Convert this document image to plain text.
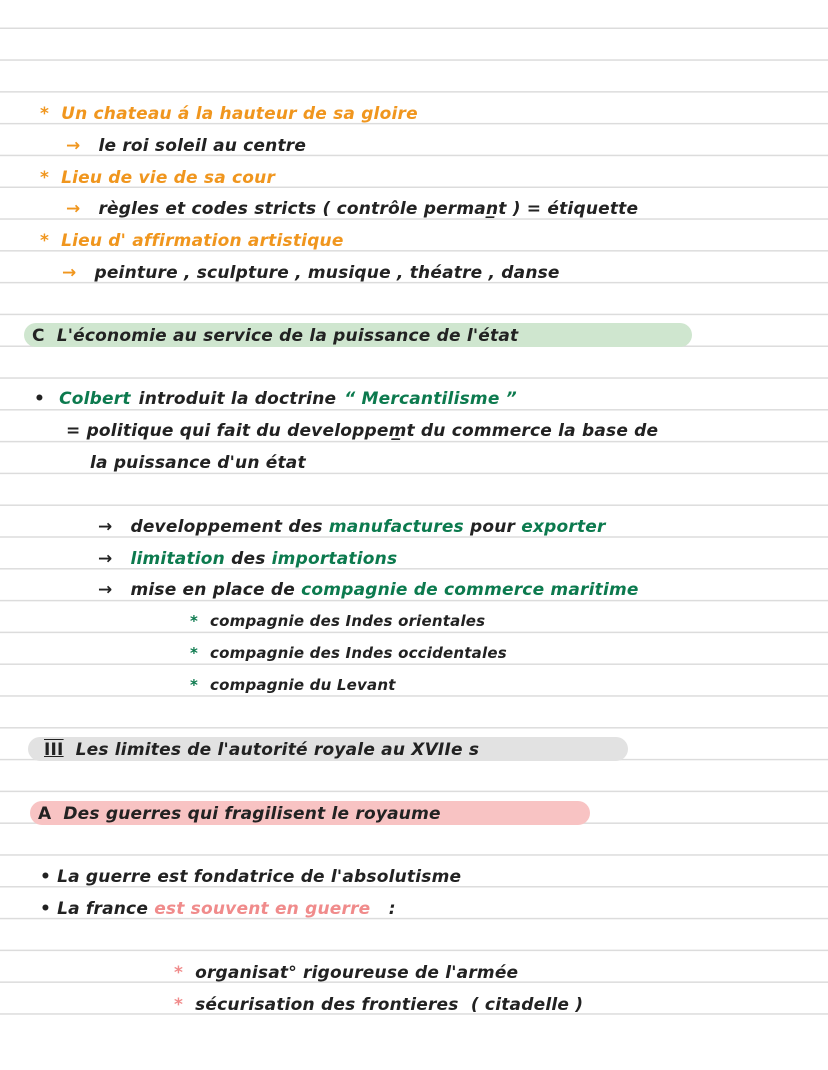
* Un chateau á la hauteur de sa gloire
→ le roi soleil au centre
* Lieu de vie de sa cour
→ règles et codes stricts ( contrôle perman̲t ) = étiquette
* Lieu d' affirmation artistique
→ peinture , sculpture , musique , théatre , danse
C L'économie au service de la puissance de l'état
• Colbert introduit la doctrine “ Mercantilisme ”
= politique qui fait du developpem̲t du commerce la base de
la puissance d'un état
→ developpement des manufactures pour exporter
→ limitation des importations
→ mise en place de compagnie de commerce maritime
* compagnie des Indes orientales
* compagnie des Indes occidentales
* compagnie du Levant
III Les limites de l'autorité royale au XVIIe s
A Des guerres qui fragilisent le royaume
• La guerre est fondatrice de l'absolutisme
• La france est souvent en guerre   :
* organisat° rigoureuse de l'armée
* sécurisation des frontieres  ( citadelle )
